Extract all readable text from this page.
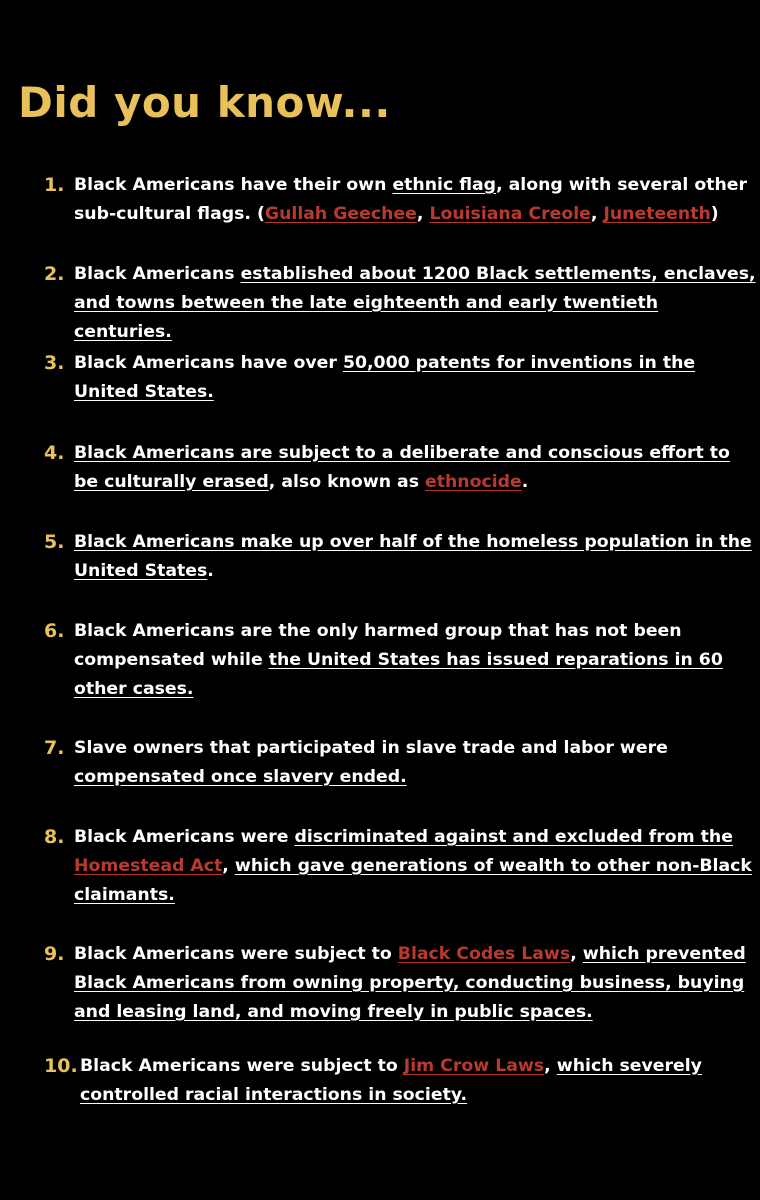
Did you know...
1. Black Americans have their own ethnic flag, along with several other sub-cultural flags. (Gullah Geechee, Louisiana Creole, Juneteenth)
2. Black Americans established about 1200 Black settlements, enclaves, and towns between the late eighteenth and early twentieth centuries.
3. Black Americans have over 50,000 patents for inventions in the United States.
4. Black Americans are subject to a deliberate and conscious effort to be culturally erased, also known as ethnocide.
5. Black Americans make up over half of the homeless population in the United States.
6. Black Americans are the only harmed group that has not been compensated while the United States has issued reparations in 60 other cases.
7. Slave owners that participated in slave trade and labor were compensated once slavery ended.
8. Black Americans were discriminated against and excluded from the Homestead Act, which gave generations of wealth to other non-Black claimants.
9. Black Americans were subject to Black Codes Laws, which prevented Black Americans from owning property, conducting business, buying and leasing land, and moving freely in public spaces.
10. Black Americans were subject to Jim Crow Laws, which severely controlled racial interactions in society.
